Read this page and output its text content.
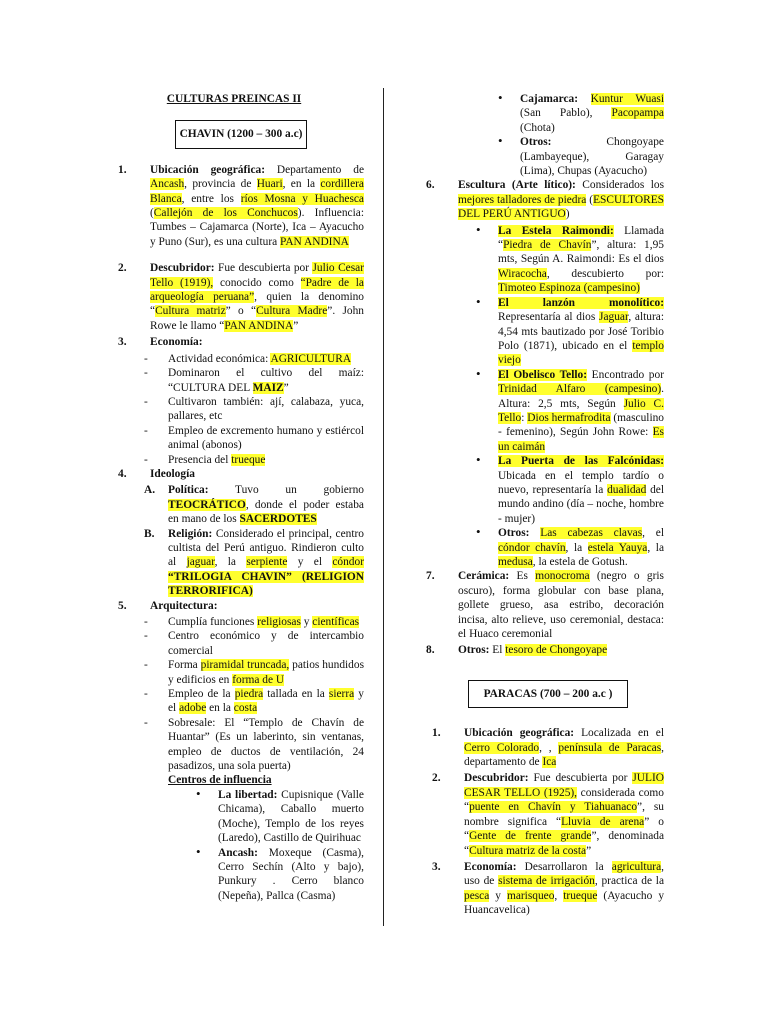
CULTURAS PREINCAS II
CHAVIN (1200 – 300 a.c)
1. Ubicación geográfica: Departamento de Ancash, provincia de Huari, en la cordillera Blanca, entre los ríos Mosna y Huachesca (Callejón de los Conchucos). Influencia: Tumbes – Cajamarca (Norte), Ica – Ayacucho y Puno (Sur), es una cultura PAN ANDINA
2. Descubridor: Fue descubierta por Julio Cesar Tello (1919), conocido como “Padre de la arqueología peruana”, quien la denomino “Cultura matriz” o “Cultura Madre”. John Rowe le llamo “PAN ANDINA”
3. Economía:
- Actividad económica: AGRICULTURA
- Dominaron el cultivo del maíz: “CULTURA DEL MAIZ”
- Cultivaron también: ají, calabaza, yuca, pallares, etc
- Empleo de excremento humano y estiércol animal (abonos)
- Presencia del trueque
4. Ideología
A. Política: Tuvo un gobierno TEOCRÁTICO, donde el poder estaba en mano de los SACERDOTES
B. Religión: Considerado el principal, centro cultista del Perú antiguo. Rindieron culto al jaguar, la serpiente y el cóndor “TRILOGIA CHAVIN” (RELIGION TERRORIFICA)
5. Arquitectura:
- Cumplía funciones religiosas y científicas
- Centro económico y de intercambio comercial
- Forma piramidal truncada, patios hundidos y edificios en forma de U
- Empleo de la piedra tallada en la sierra y el adobe en la costa
- Sobresale: El “Templo de Chavín de Huantar” (Es un laberinto, sin ventanas, empleo de ductos de ventilación, 24 pasadizos, una sola puerta)
Centros de influencia
• La libertad: Cupisnique (Valle Chicama), Caballo muerto (Moche), Templo de los reyes (Laredo), Castillo de Quirihuac
• Ancash: Moxeque (Casma), Cerro Sechín (Alto y bajo), Punkury . Cerro blanco (Nepeña), Pallca (Casma)
• Cajamarca: Kuntur Wuasi (San Pablo), Pacopampa (Chota)
• Otros: Chongoyape (Lambayeque), Garagay (Lima), Chupas (Ayacucho)
6. Escultura (Arte lítico): Considerados los mejores talladores de piedra (ESCULTORES DEL PERÚ ANTIGUO)
• La Estela Raimondi: Llamada “Piedra de Chavín”, altura: 1,95 mts, Según A. Raimondi: Es el dios Wiracocha, descubierto por: Timoteo Espinoza (campesino)
• El lanzón monolítico: Representaría al dios Jaguar, altura: 4,54 mts bautizado por José Toribio Polo (1871), ubicado en el templo viejo
• El Obelisco Tello: Encontrado por Trinidad Alfaro (campesino). Altura: 2,5 mts, Según Julio C. Tello: Dios hermafrodita (masculino - femenino), Según John Rowe: Es un caimán
• La Puerta de las Falcónidas: Ubicada en el templo tardío o nuevo, representaría la dualidad del mundo andino (día – noche, hombre - mujer)
• Otros: Las cabezas clavas, el cóndor chavín, la estela Yauya, la medusa, la estela de Gotush.
7. Cerámica: Es monocroma (negro o gris oscuro), forma globular con base plana, gollete grueso, asa estribo, decoración incisa, alto relieve, uso ceremonial, destaca: el Huaco ceremonial
8. Otros: El tesoro de Chongoyape
PARACAS (700 – 200 a.c )
1. Ubicación geográfica: Localizada en el Cerro Colorado, , península de Paracas, departamento de Ica
2. Descubridor: Fue descubierta por JULIO CESAR TELLO (1925), considerada como “puente en Chavín y Tiahuanaco”, su nombre significa “Lluvia de arena” o “Gente de frente grande”, denominada “Cultura matriz de la costa”
3. Economía: Desarrollaron la agricultura, uso de sistema de irrigación, practica de la pesca y marisqueo, trueque (Ayacucho y Huancavelica)
